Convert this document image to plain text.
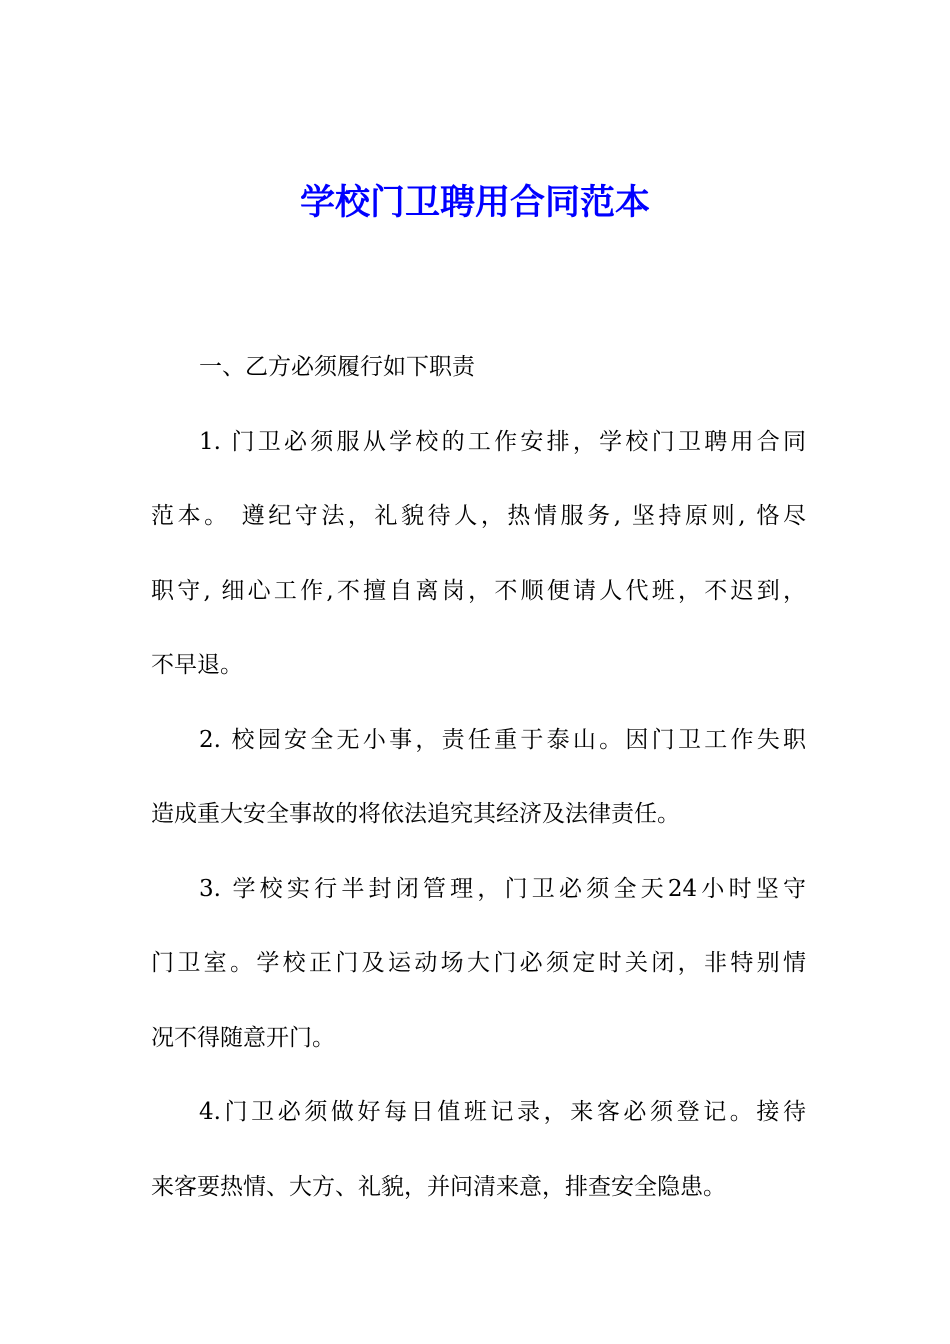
学校门卫聘用合同范本

一、乙方必须履行如下职责

1. 门卫必须服从学校的工作安排，学校门卫聘用合同
范本。 遵纪守法，礼貌待人，热情服务, 坚持原则, 恪尽
职守, 细心工作,不擅自离岗，不顺便请人代班，不迟到，
不早退。

2. 校园安全无小事，责任重于泰山。因门卫工作失职
造成重大安全事故的将依法追究其经济及法律责任。

3. 学校实行半封闭管理，门卫必须全天24小时坚守
门卫室。学校正门及运动场大门必须定时关闭，非特别情
况不得随意开门。

4.门卫必须做好每日值班记录，来客必须登记。接待
来客要热情、大方、礼貌，并问清来意，排查安全隐患。
